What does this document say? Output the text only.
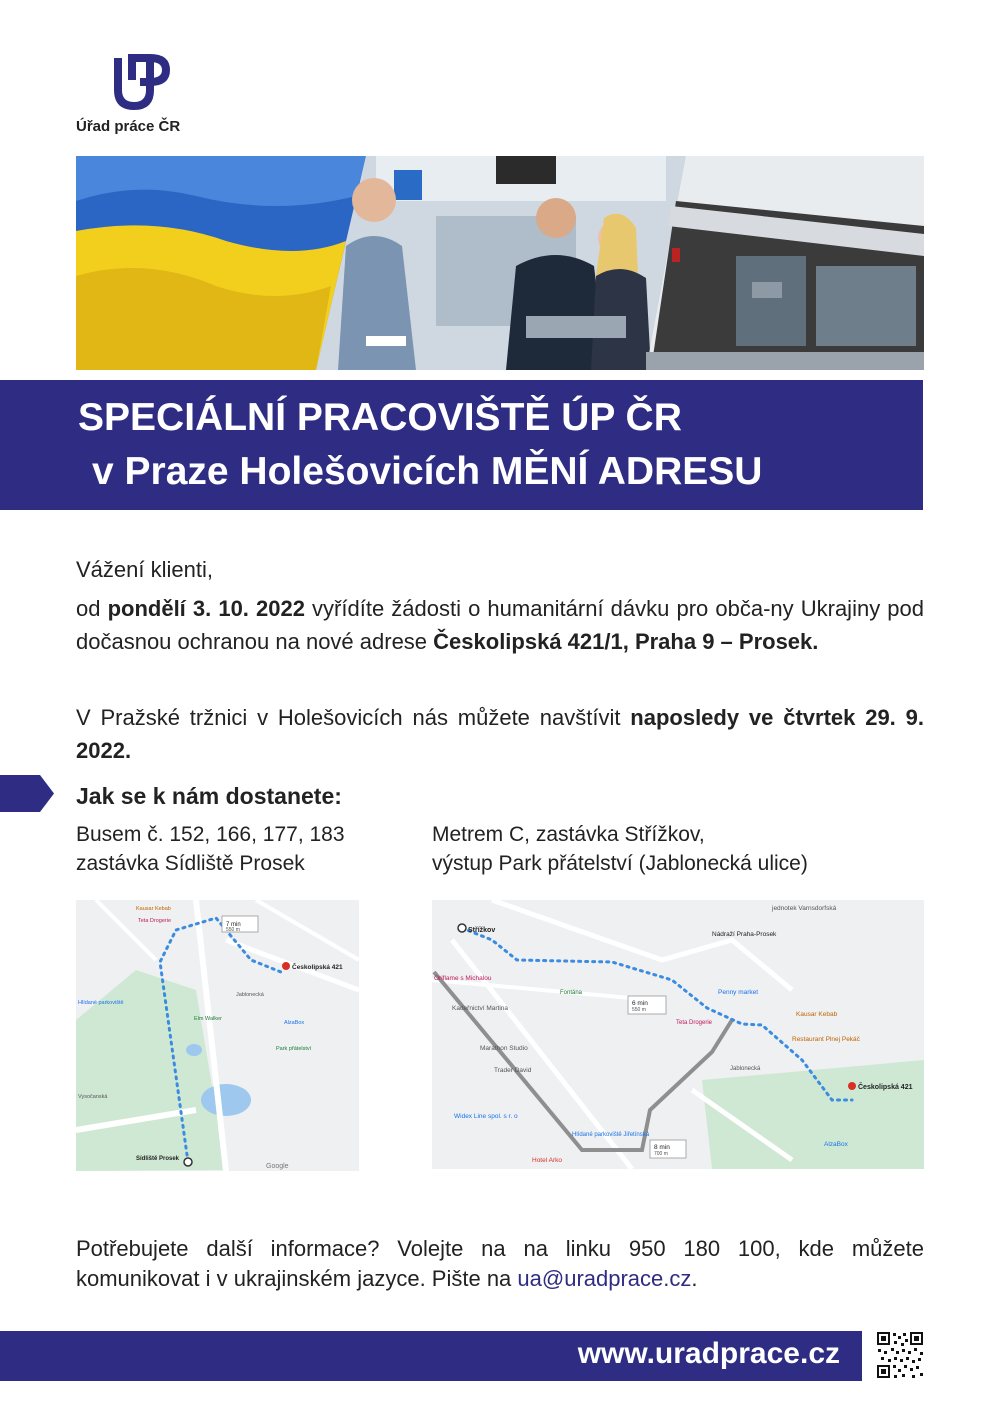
Úřad práce ČR
SPECIÁLNÍ PRACOVIŠTĚ ÚP ČR
v Praze Holešovicích MĚNÍ ADRESU

Vážení klienti,

od pondělí 3. 10. 2022 vyřídíte žádosti o humanitární dávku pro obča-ny Ukrajiny pod dočasnou ochranou na nové adrese Českolipská 421/1, Praha 9 – Prosek.

V Pražské tržnici v Holešovicích nás můžete navštívit naposledy ve čtvrtek 29. 9. 2022.

Jak se k nám dostanete:
Busem č. 152, 166, 177, 183
zastávka Sídliště Prosek
Metrem C, zastávka Střížkov,
výstup Park přátelství (Jablonecká ulice)
7 min
550 m
Českolipská 421
Kausar Kebab
Teta Drogerie
AlzaBox
Elm Walker
Hlídané parkoviště
Vysočanská
Park přátelství
Jablonecká
Sídliště Prosek
Google
Střížkov
Nádraží Praha-Prosek
jednotek Varnsdorfská
Fontána
6 min
550 m
Teta Drogerie
Penny market
Kausar Kebab
Restaurant Plnej Pekáč
Českolipská 421
Kadeřnictví Martina
Oriflame s Michalou
Marathon Studio
Trader David
Widex Line spol. s r. o
Hlídané parkoviště Jiřetínská
8 min
700 m
Hotel Arko
AlzaBox
Jablonecká

Potřebujete další informace? Volejte na na linku 950 180 100, kde můžete komunikovat i v ukrajinském jazyce. Pište na ua@uradprace.cz.

www.uradprace.cz
